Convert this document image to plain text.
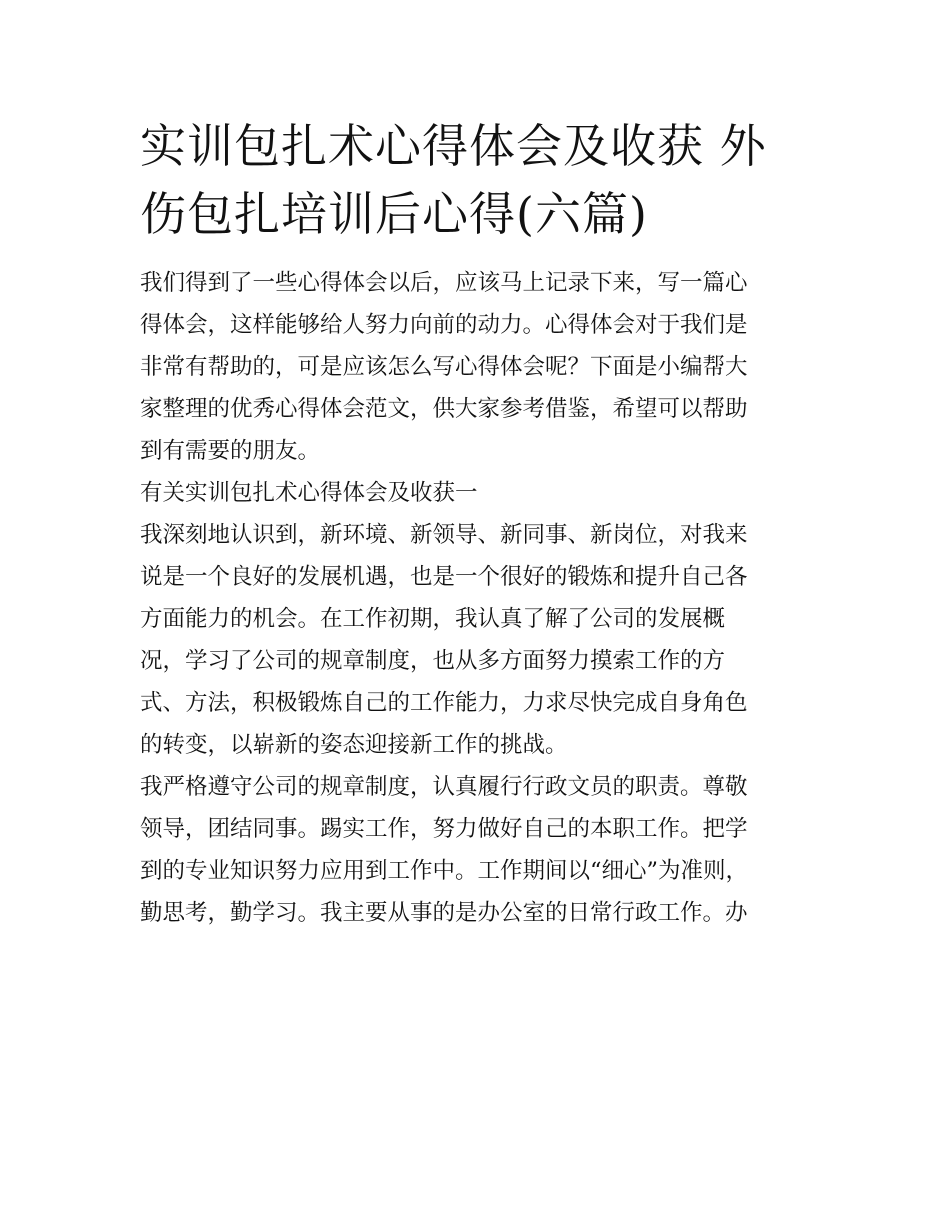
实训包扎术心得体会及收获 外
伤包扎培训后心得(六篇)

我们得到了一些心得体会以后，应该马上记录下来，写一篇心
得体会，这样能够给人努力向前的动力。心得体会对于我们是
非常有帮助的，可是应该怎么写心得体会呢？下面是小编帮大
家整理的优秀心得体会范文，供大家参考借鉴，希望可以帮助
到有需要的朋友。

有关实训包扎术心得体会及收获一

我深刻地认识到，新环境、新领导、新同事、新岗位，对我来
说是一个良好的发展机遇，也是一个很好的锻炼和提升自己各
方面能力的机会。在工作初期，我认真了解了公司的发展概
况，学习了公司的规章制度，也从多方面努力摸索工作的方
式、方法，积极锻炼自己的工作能力，力求尽快完成自身角色
的转变，以崭新的姿态迎接新工作的挑战。

我严格遵守公司的规章制度，认真履行行政文员的职责。尊敬
领导，团结同事。踢实工作，努力做好自己的本职工作。把学
到的专业知识努力应用到工作中。工作期间以“细心”为准则，
勤思考，勤学习。我主要从事的是办公室的日常行政工作。办
